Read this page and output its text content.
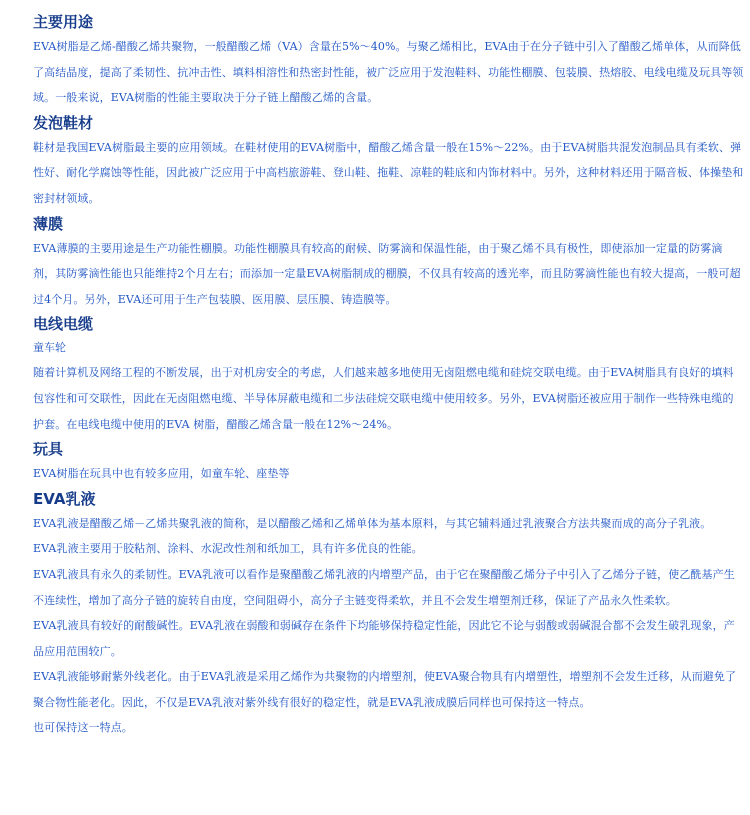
主要用途

EVA树脂是乙烯-醋酸乙烯共聚物，一般醋酸乙烯（VA）含量在5%～40%。与聚乙烯相比，EVA由于在分子链中引入了醋酸乙烯单体，从而降低了高结晶度，提高了柔韧性、抗冲击性、填料相溶性和热密封性能，被广泛应用于发泡鞋料、功能性棚膜、包装膜、热熔胶、电线电缆及玩具等领域。一般来说，EVA树脂的性能主要取决于分子链上醋酸乙烯的含量。

发泡鞋材

鞋材是我国EVA树脂最主要的应用领域。在鞋材使用的EVA树脂中，醋酸乙烯含量一般在15%～22%。由于EVA树脂共混发泡制品具有柔软、弹性好、耐化学腐蚀等性能，因此被广泛应用于中高档旅游鞋、登山鞋、拖鞋、凉鞋的鞋底和内饰材料中。另外，这种材料还用于隔音板、体操垫和密封材领域。

薄膜

EVA薄膜的主要用途是生产功能性棚膜。功能性棚膜具有较高的耐候、防雾滴和保温性能，由于聚乙烯不具有极性，即使添加一定量的防雾滴剂，其防雾滴性能也只能维持2个月左右；而添加一定量EVA树脂制成的棚膜，不仅具有较高的透光率，而且防雾滴性能也有较大提高，一般可超过4个月。另外，EVA还可用于生产包装膜、医用膜、层压膜、铸造膜等。

电线电缆

童车轮

随着计算机及网络工程的不断发展，出于对机房安全的考虑，人们越来越多地使用无卤阻燃电缆和硅烷交联电缆。由于EVA树脂具有良好的填料包容性和可交联性，因此在无卤阻燃电缆、半导体屏蔽电缆和二步法硅烷交联电缆中使用较多。另外，EVA树脂还被应用于制作一些特殊电缆的护套。在电线电缆中使用的EVA 树脂，醋酸乙烯含量一般在12%～24%。

玩具

EVA树脂在玩具中也有较多应用，如童车轮、座垫等

EVA乳液

EVA乳液是醋酸乙烯－乙烯共聚乳液的简称，是以醋酸乙烯和乙烯单体为基本原料，与其它辅料通过乳液聚合方法共聚而成的高分子乳液。

EVA乳液主要用于胶粘剂、涂料、水泥改性剂和纸加工，具有许多优良的性能。

EVA乳液具有永久的柔韧性。EVA乳液可以看作是聚醋酸乙烯乳液的内增塑产品，由于它在聚醋酸乙烯分子中引入了乙烯分子链，使乙酰基产生不连续性，增加了高分子链的旋转自由度，空间阻碍小，高分子主链变得柔软，并且不会发生增塑剂迁移，保证了产品永久性柔软。

EVA乳液具有较好的耐酸碱性。EVA乳液在弱酸和弱碱存在条件下均能够保持稳定性能，因此它不论与弱酸或弱碱混合都不会发生破乳现象，产品应用范围较广。

EVA乳液能够耐紫外线老化。由于EVA乳液是采用乙烯作为共聚物的内增塑剂，使EVA聚合物具有内增塑性，增塑剂不会发生迁移，从而避免了聚合物性能老化。因此，不仅是EVA乳液对紫外线有很好的稳定性，就是EVA乳液成膜后同样也可保持这一特点。

也可保持这一特点。
